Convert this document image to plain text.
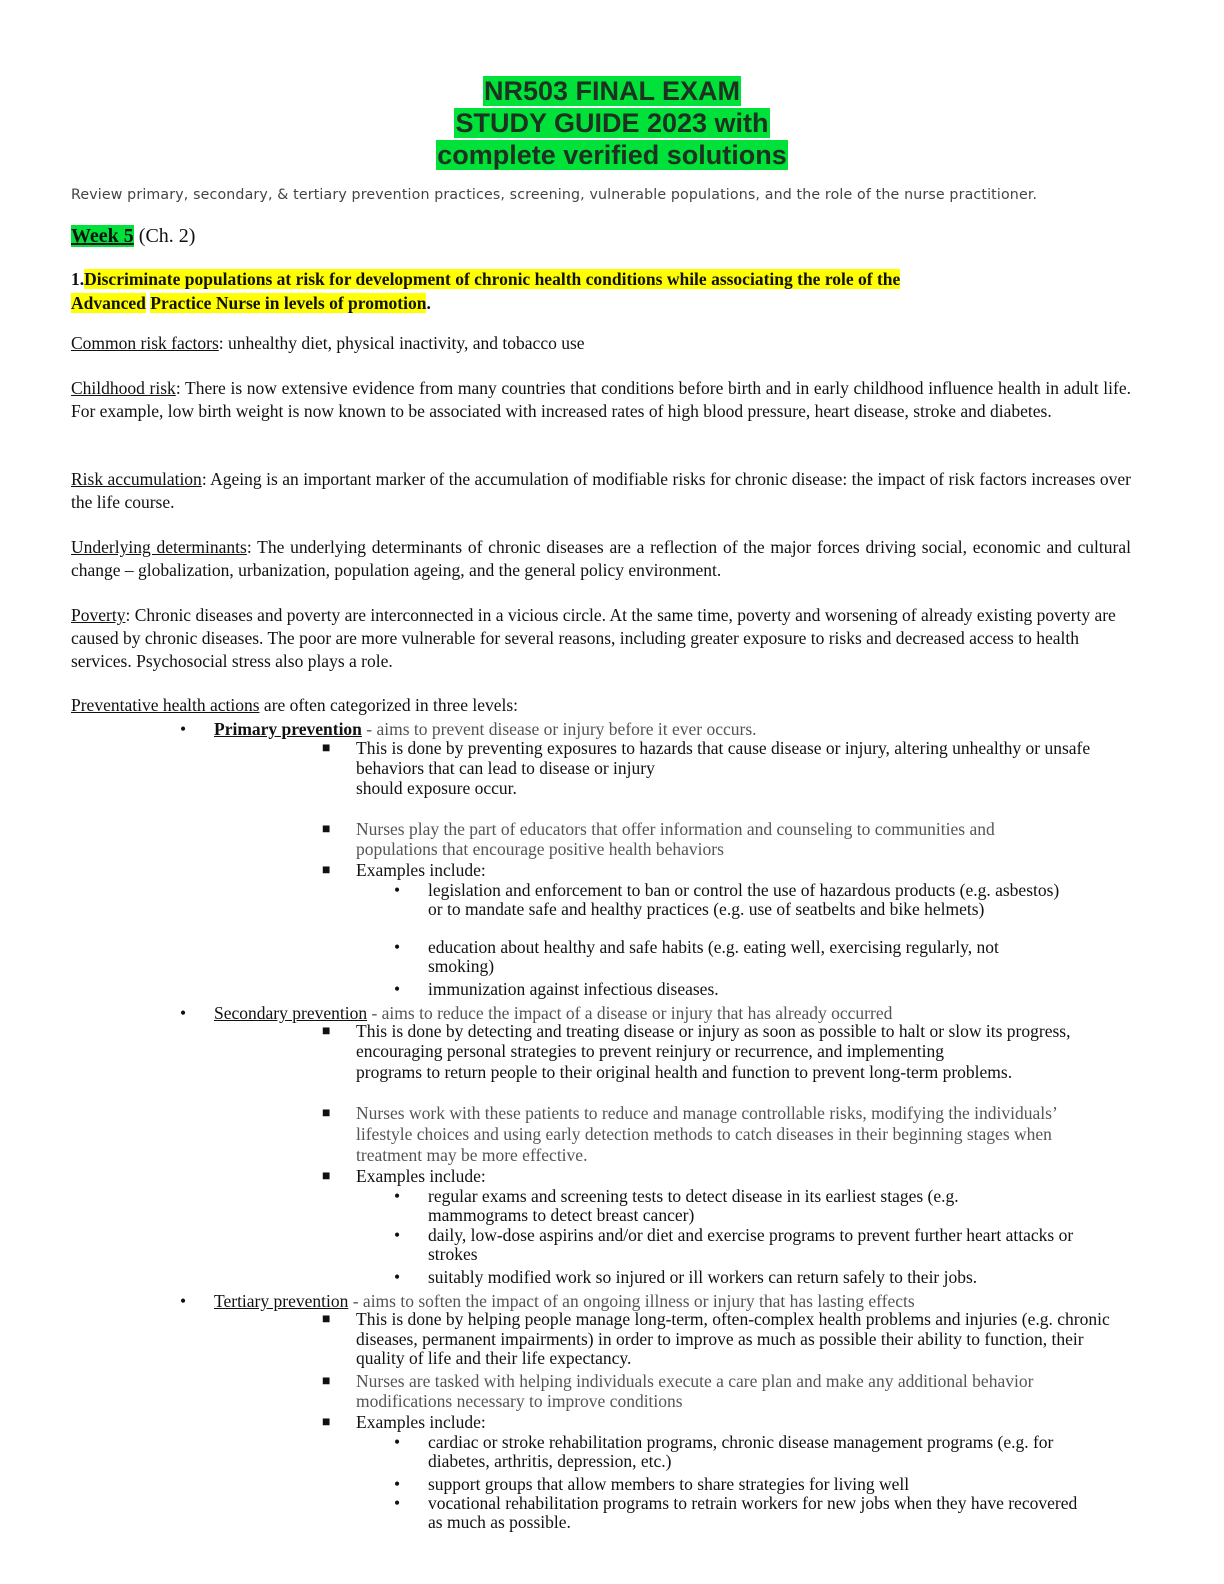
NR503 FINAL EXAM
STUDY GUIDE 2023 with
complete verified solutions
Review primary, secondary, & tertiary prevention practices, screening, vulnerable populations, and the role of the nurse practitioner.
Week 5 (Ch. 2)
1.Discriminate populations at risk for development of chronic health conditions while associating the role of the
Advanced Practice Nurse in levels of promotion.
Common risk factors: unhealthy diet, physical inactivity, and tobacco use
Childhood risk: There is now extensive evidence from many countries that conditions before birth and in early childhood influence health in adult life. For example, low birth weight is now known to be associated with increased rates of high blood pressure, heart disease, stroke and diabetes.
Risk accumulation: Ageing is an important marker of the accumulation of modifiable risks for chronic disease: the impact of risk factors increases over the life course.
Underlying determinants: The underlying determinants of chronic diseases are a reflection of the major forces driving social, economic and cultural change – globalization, urbanization, population ageing, and the general policy environment.
Poverty: Chronic diseases and poverty are interconnected in a vicious circle. At the same time, poverty and worsening of already existing poverty are caused by chronic diseases. The poor are more vulnerable for several reasons, including greater exposure to risks and decreased access to health services. Psychosocial stress also plays a role.
Preventative health actions are often categorized in three levels:
• Primary prevention - aims to prevent disease or injury before it ever occurs.
■ This is done by preventing exposures to hazards that cause disease or injury, altering unhealthy or unsafe behaviors that can lead to disease or injury
should exposure occur.
■ Nurses play the part of educators that offer information and counseling to communities and populations that encourage positive health behaviors
■ Examples include:
• legislation and enforcement to ban or control the use of hazardous products (e.g. asbestos) or to mandate safe and healthy practices (e.g. use of seatbelts and bike helmets)
• education about healthy and safe habits (e.g. eating well, exercising regularly, not smoking)
• immunization against infectious diseases.
• Secondary prevention - aims to reduce the impact of a disease or injury that has already occurred
■ This is done by detecting and treating disease or injury as soon as possible to halt or slow its progress, encouraging personal strategies to prevent reinjury or recurrence, and implementing
programs to return people to their original health and function to prevent long-term problems.
■ Nurses work with these patients to reduce and manage controllable risks, modifying the individuals’ lifestyle choices and using early detection methods to catch diseases in their beginning stages when treatment may be more effective.
■ Examples include:
• regular exams and screening tests to detect disease in its earliest stages (e.g. mammograms to detect breast cancer)
• daily, low-dose aspirins and/or diet and exercise programs to prevent further heart attacks or strokes
• suitably modified work so injured or ill workers can return safely to their jobs.
• Tertiary prevention - aims to soften the impact of an ongoing illness or injury that has lasting effects
■ This is done by helping people manage long-term, often-complex health problems and injuries (e.g. chronic diseases, permanent impairments) in order to improve as much as possible their ability to function, their quality of life and their life expectancy.
■ Nurses are tasked with helping individuals execute a care plan and make any additional behavior modifications necessary to improve conditions
■ Examples include:
• cardiac or stroke rehabilitation programs, chronic disease management programs (e.g. for diabetes, arthritis, depression, etc.)
• support groups that allow members to share strategies for living well
• vocational rehabilitation programs to retrain workers for new jobs when they have recovered as much as possible.
